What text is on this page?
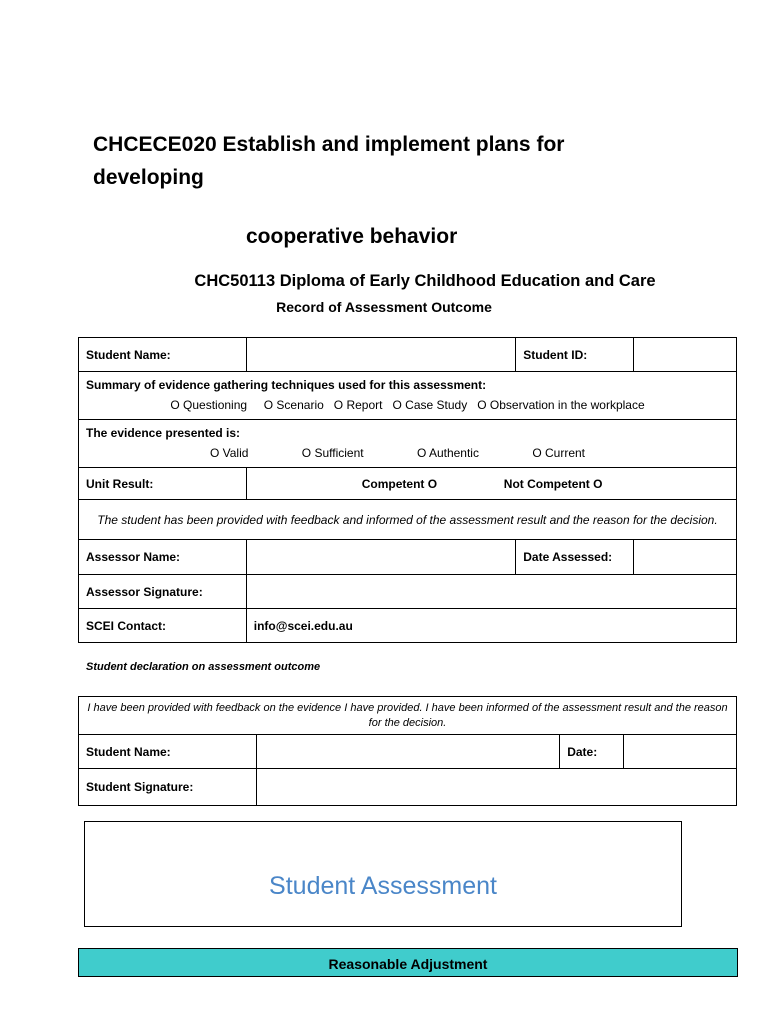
CHCECE020 Establish and implement plans for developing
cooperative behavior
CHC50113 Diploma of Early Childhood Education and Care
Record of Assessment Outcome
Student Name:		Student ID:	
Summary of evidence gathering techniques used for this assessment:
O Questioning O Scenario O Report O Case Study O Observation in the workplace			

The evidence presented is:
O Valid O Sufficient O Authentic O Current			

Unit Result:	Competent O Not Competent O		
The student has been provided with feedback and informed of the assessment result and the reason for the decision.			
Assessor Name:		Date Assessed:	
Assessor Signature:			
SCEI Contact:	info@scei.edu.au		
Student declaration on assessment outcome
I have been provided with feedback on the evidence I have provided. I have been informed of the assessment result and the reason for the decision.			
Student Name:		Date:	
Student Signature:			
Student Assessment
Reasonable Adjustment
